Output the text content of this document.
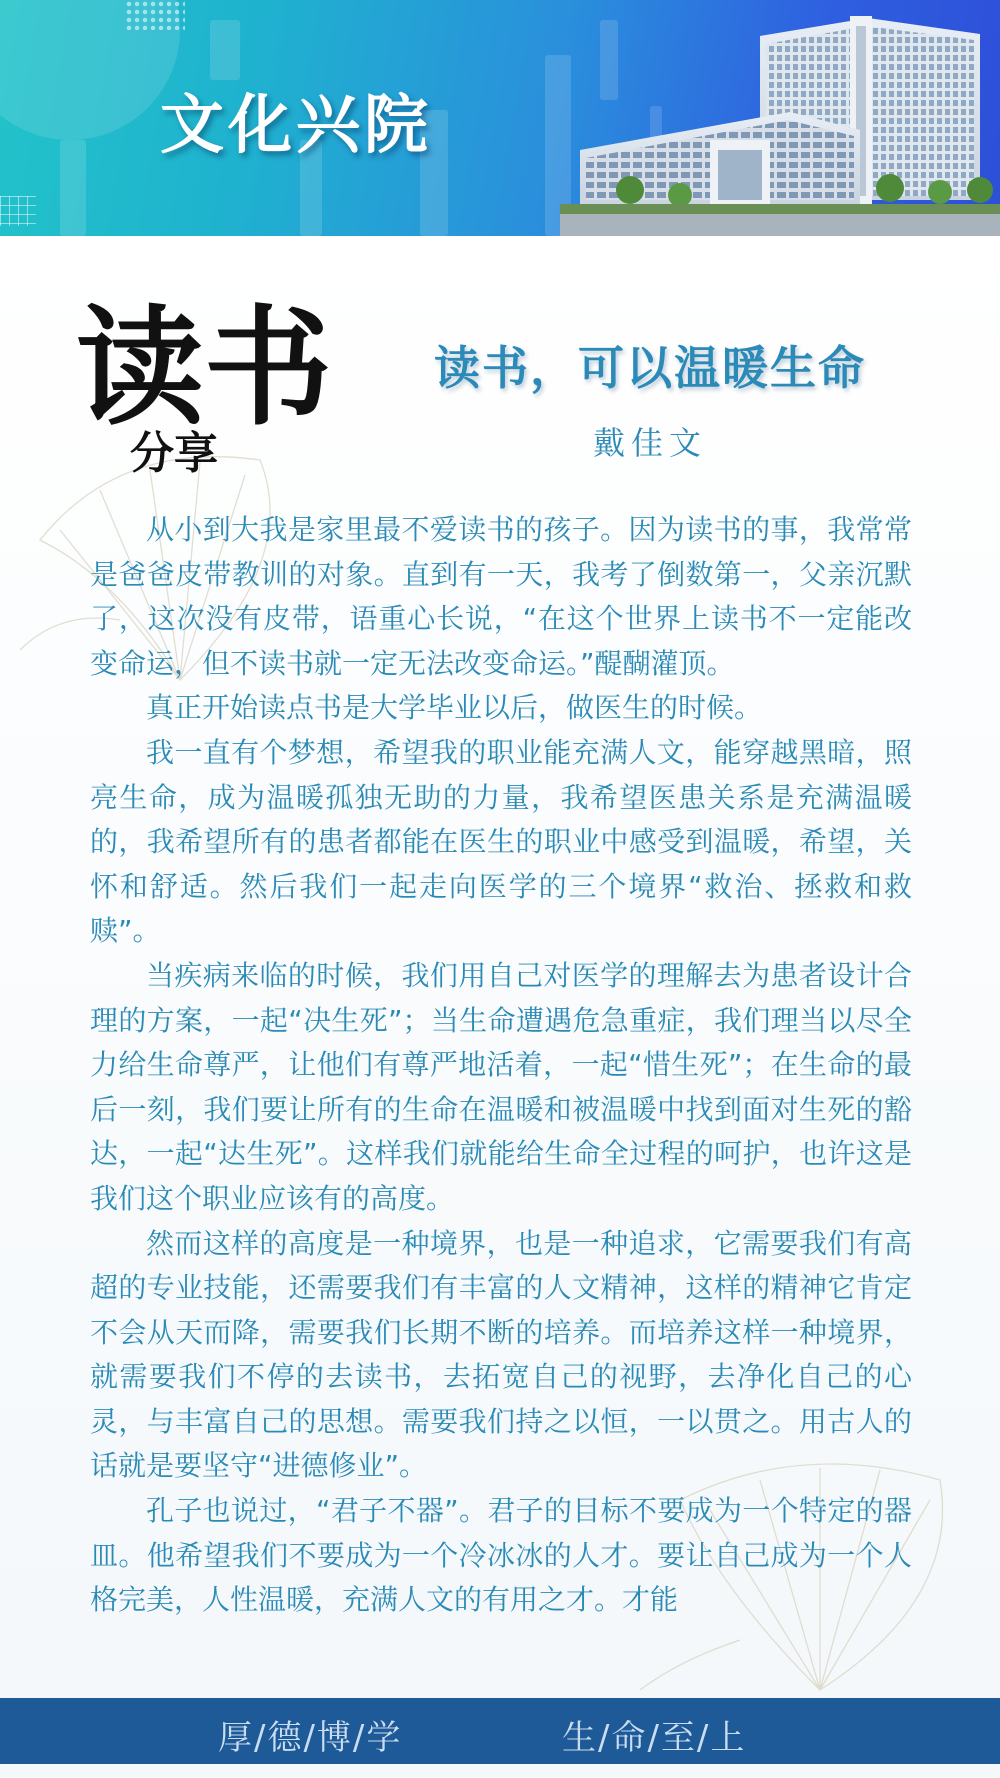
文化兴院
读书
分享
读书，可以温暖生命
戴佳文

从小到大我是家里最不爱读书的孩子。因为读书的事，我常常是爸爸皮带教训的对象。直到有一天，我考了倒数第一，父亲沉默了，这次没有皮带，语重心长说，“在这个世界上读书不一定能改变命运，但不读书就一定无法改变命运。”醍醐灌顶。

真正开始读点书是大学毕业以后，做医生的时候。

我一直有个梦想，希望我的职业能充满人文，能穿越黑暗，照亮生命，成为温暖孤独无助的力量，我希望医患关系是充满温暖的，我希望所有的患者都能在医生的职业中感受到温暖，希望，关怀和舒适。然后我们一起走向医学的三个境界“救治、拯救和救赎”。

当疾病来临的时候，我们用自己对医学的理解去为患者设计合理的方案，一起“决生死”；当生命遭遇危急重症，我们理当以尽全力给生命尊严，让他们有尊严地活着，一起“惜生死”；在生命的最后一刻，我们要让所有的生命在温暖和被温暖中找到面对生死的豁达，一起“达生死”。这样我们就能给生命全过程的呵护，也许这是我们这个职业应该有的高度。

然而这样的高度是一种境界，也是一种追求，它需要我们有高超的专业技能，还需要我们有丰富的人文精神，这样的精神它肯定不会从天而降，需要我们长期不断的培养。而培养这样一种境界，就需要我们不停的去读书，去拓宽自己的视野，去净化自己的心灵，与丰富自己的思想。需要我们持之以恒，一以贯之。用古人的话就是要坚守“进德修业”。

孔子也说过，“君子不器”。君子的目标不要成为一个特定的器皿。他希望我们不要成为一个冷冰冰的人才。要让自己成为一个人格完美，人性温暖，充满人文的有用之才。才能

厚/德/博/学	生/命/至/上
